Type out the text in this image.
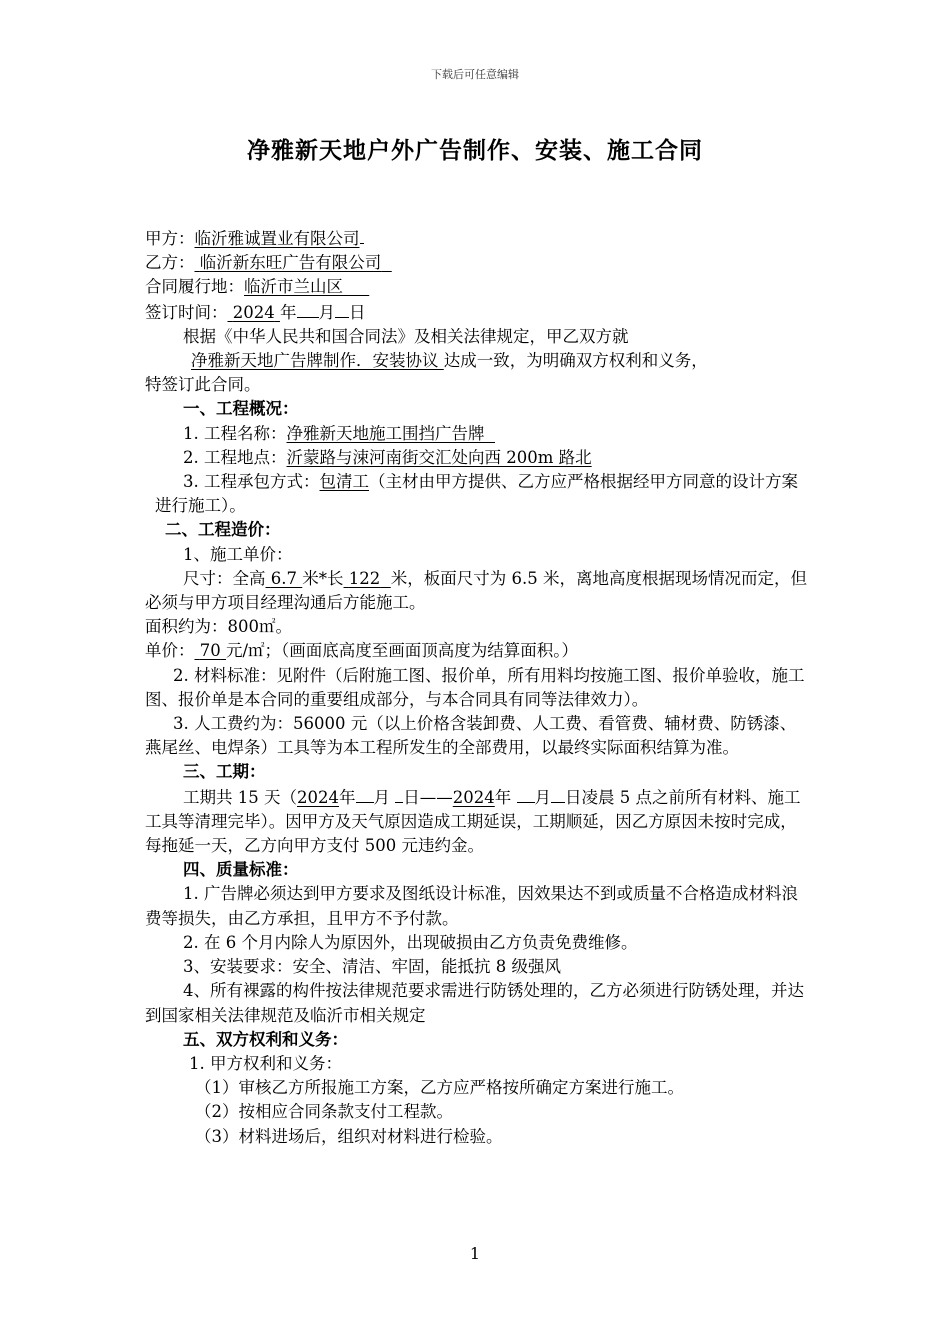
下载后可任意编辑
净雅新天地户外广告制作、安装、施工合同

甲方：临沂雅诚置业有限公司

乙方： 临沂新东旺广告有限公司

合同履行地：临沂市兰山区

签订时间： 2024 年 月 日

根据《中华人民共和国合同法》及相关法律规定，甲乙双方就

净雅新天地广告牌制作．安装协议 达成一致，为明确双方权利和义务，

特签订此合同。

一、工程概况：

1. 工程名称：净雅新天地施工围挡广告牌

2. 工程地点：沂蒙路与涑河南街交汇处向西 200m 路北

3. 工程承包方式：包清工（主材由甲方提供、乙方应严格根据经甲方同意的设计方案进行施工）。

二、工程造价：

1、施工单价：

尺寸：全高 6.7 米*长 122 米，板面尺寸为 6.5 米，离地高度根据现场情况而定，但必须与甲方项目经理沟通后方能施工。

面积约为：800㎡。

单价： 70 元/㎡；（画面底高度至画面顶高度为结算面积。）

2. 材料标准：见附件（后附施工图、报价单，所有用料均按施工图、报价单验收，施工图、报价单是本合同的重要组成部分，与本合同具有同等法律效力）。

3. 人工费约为：56000 元（以上价格含装卸费、人工费、看管费、辅材费、防锈漆、燕尾丝、电焊条）工具等为本工程所发生的全部费用，以最终实际面积结算为准。

三、工期：

工期共 15 天（2024年 月 日——2024年 月 日凌晨 5 点之前所有材料、施工工具等清理完毕）。因甲方及天气原因造成工期延误，工期顺延，因乙方原因未按时完成，每拖延一天，乙方向甲方支付 500 元违约金。

四、质量标准：

1. 广告牌必须达到甲方要求及图纸设计标准，因效果达不到或质量不合格造成材料浪费等损失，由乙方承担，且甲方不予付款。

2. 在 6 个月内除人为原因外，出现破损由乙方负责免费维修。

3、安装要求：安全、清洁、牢固，能抵抗 8 级强风

4、所有裸露的构件按法律规范要求需进行防锈处理的，乙方必须进行防锈处理，并达到国家相关法律规范及临沂市相关规定

五、双方权利和义务：

1. 甲方权利和义务：

（1）审核乙方所报施工方案，乙方应严格按所确定方案进行施工。

（2）按相应合同条款支付工程款。

（3）材料进场后，组织对材料进行检验。

1
